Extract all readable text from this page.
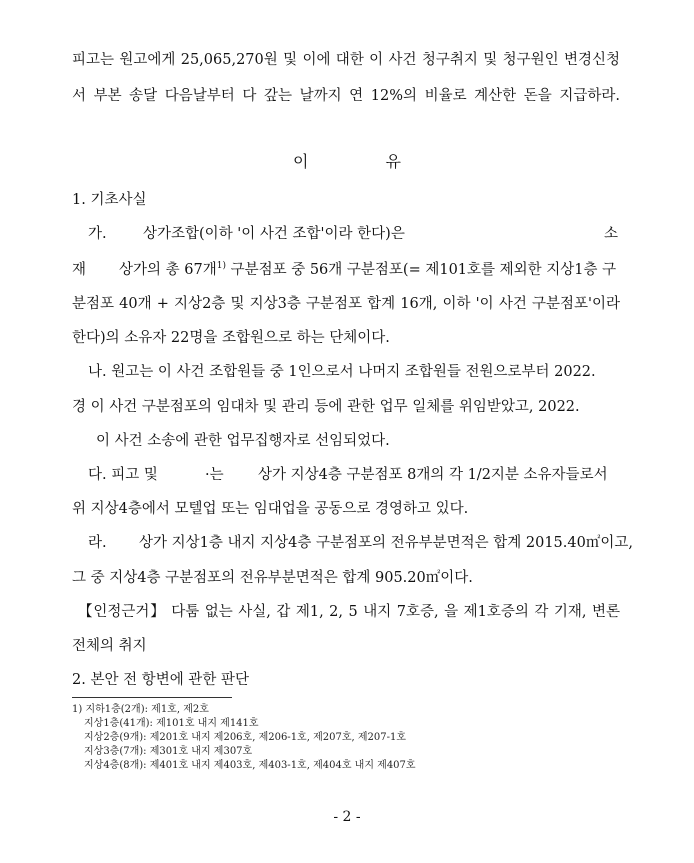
피고는 원고에게 25,065,270원 및 이에 대한 이 사건 청구취지 및 청구원인 변경신청
서 부본 송달 다음날부터 다 갚는 날까지 연 12%의 비율로 계산한 돈을 지급하라.
이 유
1. 기초사실
가.	상가조합(이하 '이 사건 조합'이라 한다)은	소
재 상가의 총 67개$^{1)}$ 구분점포 중 56개 구분점포(= 제101호를 제외한 지상1층 구
분점포 40개 + 지상2층 및 지상3층 구분점포 합계 16개, 이하 '이 사건 구분점포'이라
한다)의 소유자 22명을 조합원으로 하는 단체이다.
나. 원고는 이 사건 조합원들 중 1인으로서 나머지 조합원들 전원으로부터 2022.
경 이 사건 구분점포의 임대차 및 관리 등에 관한 업무 일체를 위임받았고, 2022.
이 사건 소송에 관한 업무집행자로 선임되었다.
다. 피고 및	·는 상가 지상4층 구분점포 8개의 각 1/2지분 소유자들로서
위 지상4층에서 모텔업 또는 임대업을 공동으로 경영하고 있다.
라. 상가 지상1층 내지 지상4층 구분점포의 전유부분면적은 합계 2015.40㎡이고,
그 중 지상4층 구분점포의 전유부분면적은 합계 905.20㎡이다.
【인정근거】 다툼 없는 사실, 갑 제1, 2, 5 내지 7호증, 을 제1호증의 각 기재, 변론
전체의 취지
2. 본안 전 항변에 관한 판단
1) 지하1층(2개): 제1호, 제2호
지상1층(41개): 제101호 내지 제141호
지상2층(9개): 제201호 내지 제206호, 제206-1호, 제207호, 제207-1호
지상3층(7개): 제301호 내지 제307호
지상4층(8개): 제401호 내지 제403호, 제403-1호, 제404호 내지 제407호
- 2 -
